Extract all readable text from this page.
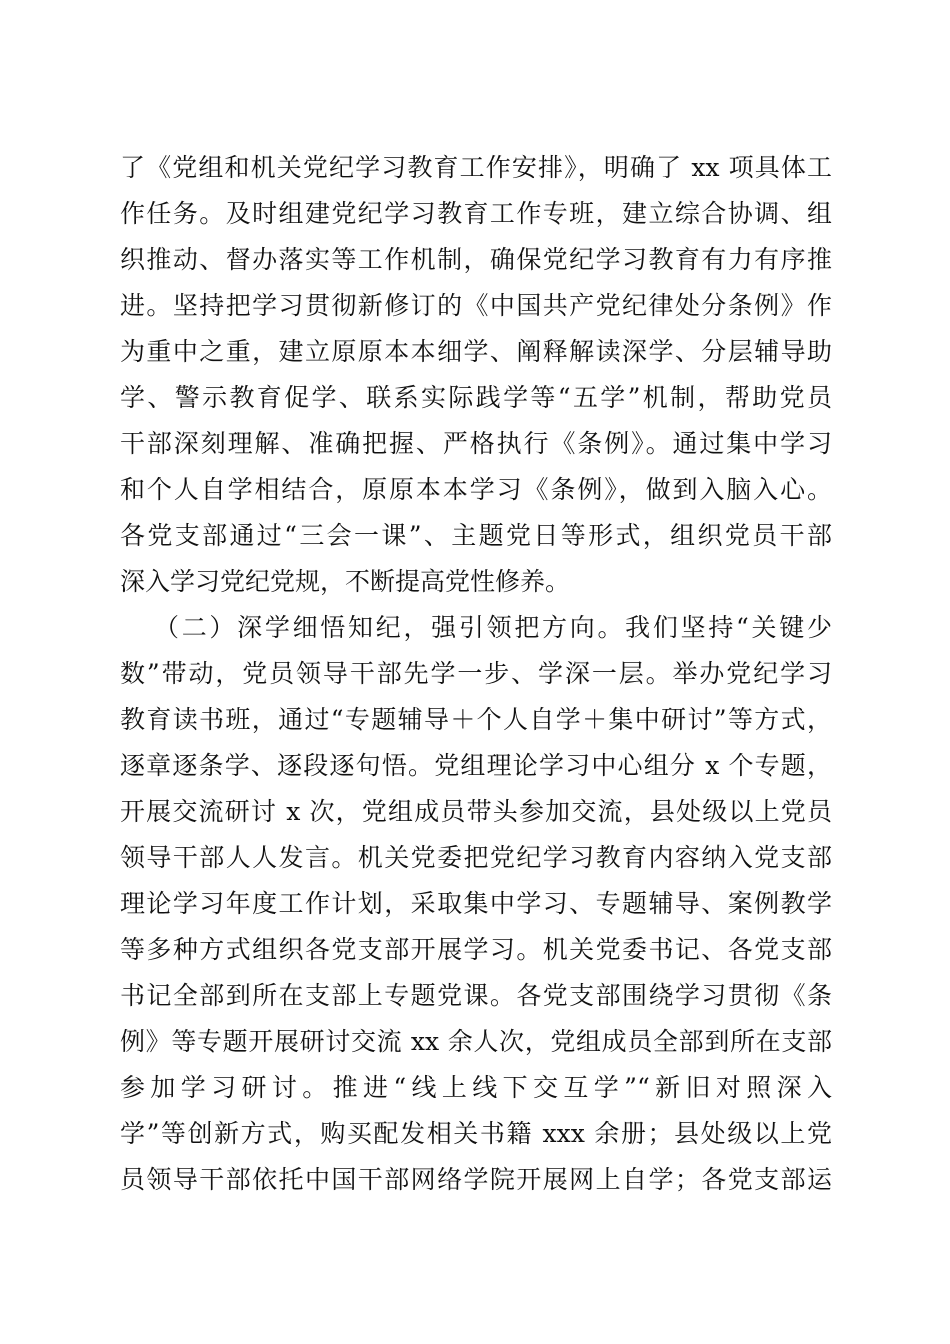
了《党组和机关党纪学习教育工作安排》，明确了 xx 项具体工
作任务。及时组建党纪学习教育工作专班，建立综合协调、组
织推动、督办落实等工作机制，确保党纪学习教育有力有序推
进。坚持把学习贯彻新修订的《中国共产党纪律处分条例》作
为重中之重，建立原原本本细学、阐释解读深学、分层辅导助
学、警示教育促学、联系实际践学等“五学”机制，帮助党员
干部深刻理解、准确把握、严格执行《条例》。通过集中学习
和个人自学相结合，原原本本学习《条例》，做到入脑入心。
各党支部通过“三会一课”、主题党日等形式，组织党员干部
深入学习党纪党规，不断提高党性修养。
（二）深学细悟知纪，强引领把方向。我们坚持“关键少
数”带动，党员领导干部先学一步、学深一层。举办党纪学习
教育读书班，通过“专题辅导＋个人自学＋集中研讨”等方式，
逐章逐条学、逐段逐句悟。党组理论学习中心组分 x 个专题，
开展交流研讨 x 次，党组成员带头参加交流，县处级以上党员
领导干部人人发言。机关党委把党纪学习教育内容纳入党支部
理论学习年度工作计划，采取集中学习、专题辅导、案例教学
等多种方式组织各党支部开展学习。机关党委书记、各党支部
书记全部到所在支部上专题党课。各党支部围绕学习贯彻《条
例》等专题开展研讨交流 xx 余人次，党组成员全部到所在支部
参加学习研讨。推进“线上线下交互学”“新旧对照深入
学”等创新方式，购买配发相关书籍 xxx 余册；县处级以上党
员领导干部依托中国干部网络学院开展网上自学；各党支部运
